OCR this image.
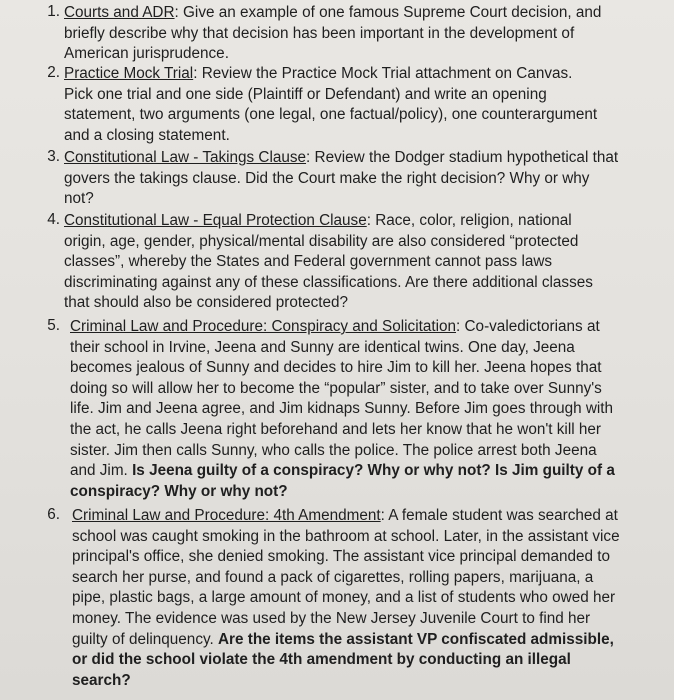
1. Courts and ADR: Give an example of one famous Supreme Court decision, and briefly describe why that decision has been important in the development of American jurisprudence.
2. Practice Mock Trial: Review the Practice Mock Trial attachment on Canvas. Pick one trial and one side (Plaintiff or Defendant) and write an opening statement, two arguments (one legal, one factual/policy), one counterargument and a closing statement.
3. Constitutional Law - Takings Clause: Review the Dodger stadium hypothetical that govers the takings clause. Did the Court make the right decision? Why or why not?
4. Constitutional Law - Equal Protection Clause: Race, color, religion, national origin, age, gender, physical/mental disability are also considered “protected classes”, whereby the States and Federal government cannot pass laws discriminating against any of these classifications. Are there additional classes that should also be considered protected?
5. Criminal Law and Procedure: Conspiracy and Solicitation: Co-valedictorians at their school in Irvine, Jeena and Sunny are identical twins. One day, Jeena becomes jealous of Sunny and decides to hire Jim to kill her. Jeena hopes that doing so will allow her to become the “popular” sister, and to take over Sunny's life. Jim and Jeena agree, and Jim kidnaps Sunny. Before Jim goes through with the act, he calls Jeena right beforehand and lets her know that he won't kill her sister. Jim then calls Sunny, who calls the police. The police arrest both Jeena and Jim. Is Jeena guilty of a conspiracy? Why or why not? Is Jim guilty of a conspiracy? Why or why not?
6. Criminal Law and Procedure: 4th Amendment: A female student was searched at school was caught smoking in the bathroom at school. Later, in the assistant vice principal's office, she denied smoking. The assistant vice principal demanded to search her purse, and found a pack of cigarettes, rolling papers, marijuana, a pipe, plastic bags, a large amount of money, and a list of students who owed her money. The evidence was used by the New Jersey Juvenile Court to find her guilty of delinquency. Are the items the assistant VP confiscated admissible, or did the school violate the 4th amendment by conducting an illegal search?
